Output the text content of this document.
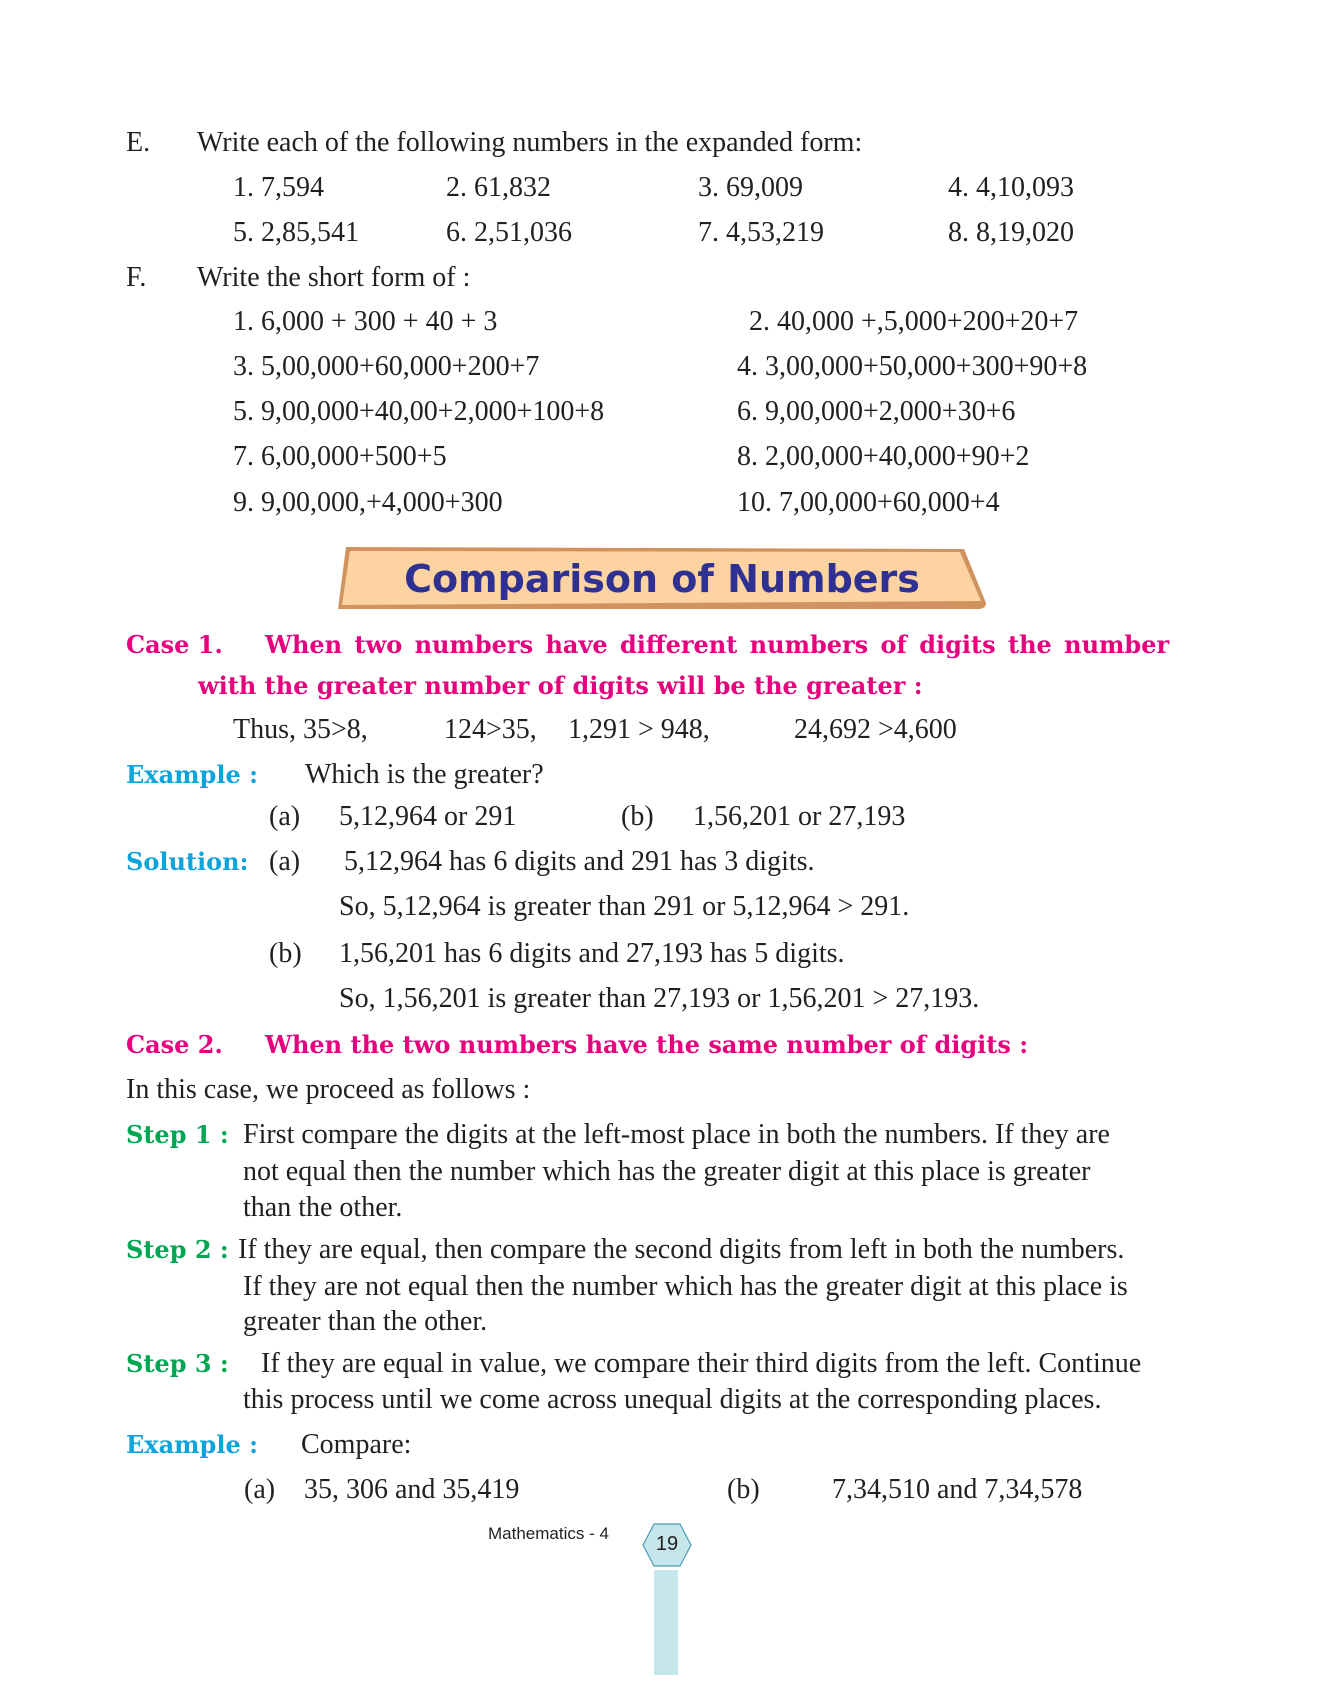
E. Write each of the following numbers in the expanded form:
1. 7,594	2. 61,832	3. 69,009	4. 4,10,093
5. 2,85,541	6. 2,51,036	7. 4,53,219	8. 8,19,020
F. Write the short form of :
1. 6,000 + 300 + 40 + 3	2. 40,000 +,5,000+200+20+7
3. 5,00,000+60,000+200+7	4. 3,00,000+50,000+300+90+8
5. 9,00,000+40,00+2,000+100+8	6. 9,00,000+2,000+30+6
7. 6,00,000+500+5	8. 2,00,000+40,000+90+2
9. 9,00,000,+4,000+300	10. 7,00,000+60,000+4
Comparison of Numbers
Case 1. When two numbers have different numbers of digits the number
with the greater number of digits will be the greater :
Thus, 35>8,	124>35, 1,291 > 948,	24,692 >4,600
Example : Which is the greater?
(a) 5,12,964 or 291	(b) 1,56,201 or 27,193
Solution: (a) 5,12,964 has 6 digits and 291 has 3 digits.
So, 5,12,964 is greater than 291 or 5,12,964 > 291.
(b) 1,56,201 has 6 digits and 27,193 has 5 digits.
So, 1,56,201 is greater than 27,193 or 1,56,201 > 27,193.
Case 2. When the two numbers have the same number of digits :
In this case, we proceed as follows :
Step 1 : First compare the digits at the left-most place in both the numbers. If they are
not equal then the number which has the greater digit at this place is greater
than the other.
Step 2 : If they are equal, then compare the second digits from left in both the numbers.
If they are not equal then the number which has the greater digit at this place is
greater than the other.
Step 3 : If they are equal in value, we compare their third digits from the left. Continue
this process until we come across unequal digits at the corresponding places.
Example : Compare:
(a) 35, 306 and 35,419	(b)	7,34,510 and 7,34,578
Mathematics - 4	19
